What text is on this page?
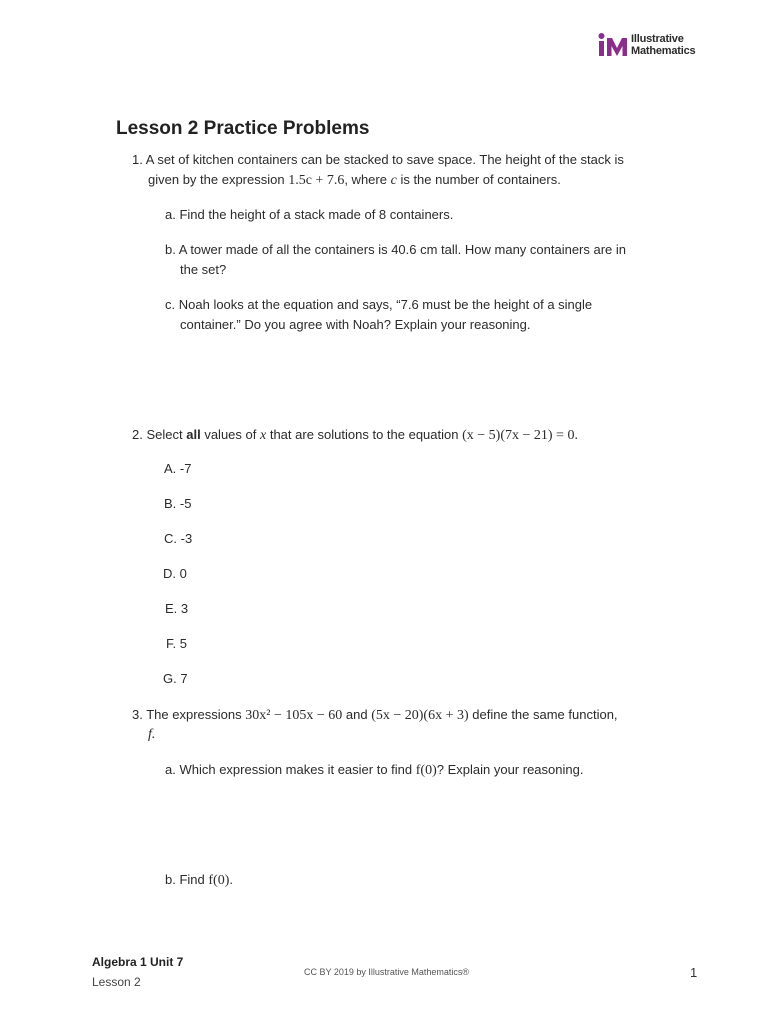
Illustrative
Mathematics
Lesson 2 Practice Problems
1. A set of kitchen containers can be stacked to save space. The height of the stack is
given by the expression 1.5c + 7.6, where c is the number of containers.
a. Find the height of a stack made of 8 containers.
b. A tower made of all the containers is 40.6 cm tall. How many containers are in
the set?
c. Noah looks at the equation and says, “7.6 must be the height of a single
container.” Do you agree with Noah? Explain your reasoning.
2. Select all values of x that are solutions to the equation (x − 5)(7x − 21) = 0.
A. -7
B. -5
C. -3
D. 0
E. 3
F. 5
G. 7
3. The expressions 30x² − 105x − 60 and (5x − 20)(6x + 3) define the same function,
f.
a. Which expression makes it easier to find f(0)? Explain your reasoning.
b. Find f(0).
Algebra 1 Unit 7
Lesson 2
CC BY 2019 by Illustrative Mathematics®	1
